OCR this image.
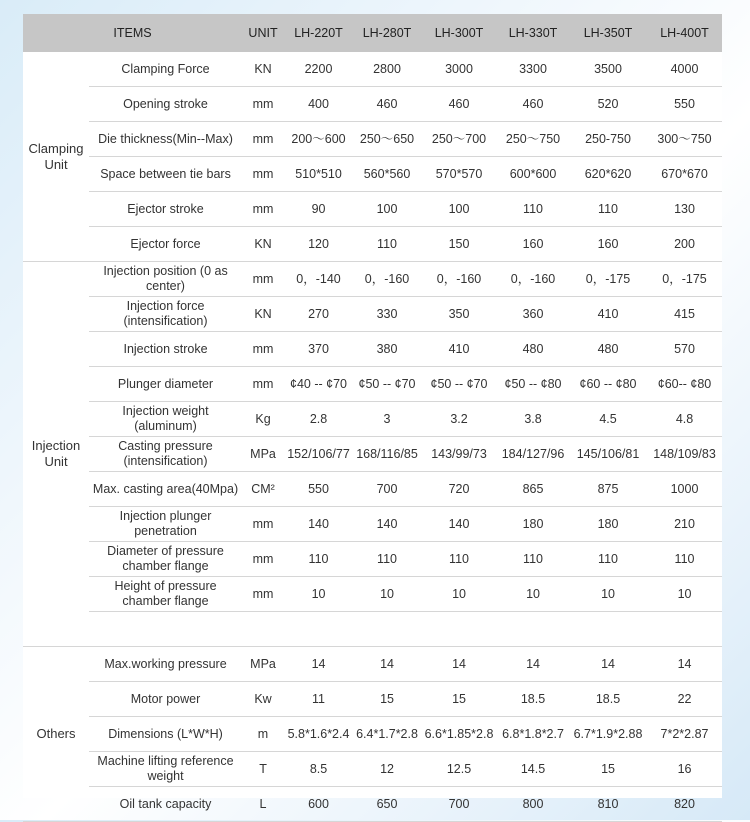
ITEMS		UNIT	LH-220T	LH-280T	LH-300T	LH-330T	LH-350T	LH-400T
Clamping Unit	Clamping Force	KN	2200	2800	3000	3300	3500	4000
	Opening stroke	mm	400	460	460	460	520	550
	Die thickness(Min--Max)	mm	200～600	250～650	250～700	250～750	250-750	300～750
	Space between tie bars	mm	510*510	560*560	570*570	600*600	620*620	670*670
	Ejector stroke	mm	90	100	100	110	110	130
	Ejector force	KN	120	110	150	160	160	200
Injection Unit	Injection position (0 as center)	mm	0，-140	0，-160	0，-160	0，-160	0，-175	0，-175
	Injection force (intensification)	KN	270	330	350	360	410	415
	Injection stroke	mm	370	380	410	480	480	570
	Plunger diameter	mm	¢40 -- ¢70	¢50 -- ¢70	¢50 -- ¢70	¢50 -- ¢80	¢60 -- ¢80	¢60-- ¢80
	Injection weight (aluminum)	Kg	2.8	3	3.2	3.8	4.5	4.8
	Casting pressure (intensification)	MPa	152/106/77	168/116/85	143/99/73	184/127/96	145/106/81	148/109/83
	Max. casting area(40Mpa)	CM²	550	700	720	865	875	1000
	Injection plunger penetration	mm	140	140	140	180	180	210
	Diameter of pressure chamber flange	mm	110	110	110	110	110	110
	Height of pressure chamber flange	mm	10	10	10	10	10	10

Others	Max.working pressure	MPa	14	14	14	14	14	14
	Motor power	Kw	11	15	15	18.5	18.5	22
	Dimensions (L*W*H)	m	5.8*1.6*2.4	6.4*1.7*2.8	6.6*1.85*2.8	6.8*1.8*2.7	6.7*1.9*2.88	7*2*2.87
	Machine lifting reference weight	T	8.5	12	12.5	14.5	15	16
	Oil tank capacity	L	600	650	700	800	810	820
